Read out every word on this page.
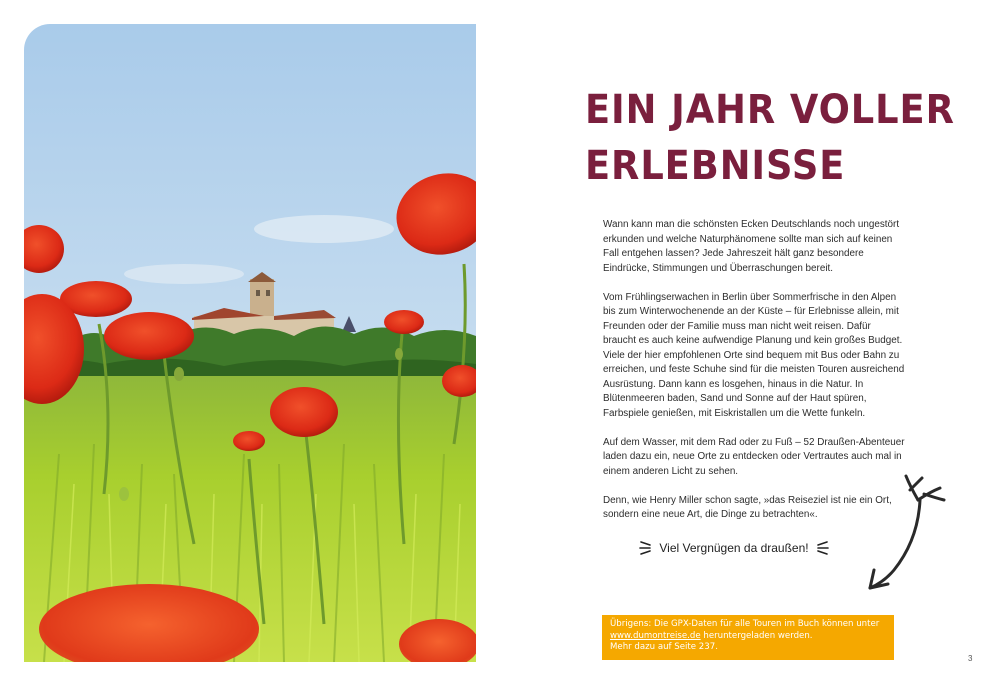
EIN JAHR VOLLER
ERLEBNISSE

Wann kann man die schönsten Ecken Deutschlands noch ungestört erkunden und welche Naturphänomene sollte man sich auf keinen Fall entgehen lassen? Jede Jahreszeit hält ganz besondere Eindrücke, Stimmungen und Überraschungen bereit.

Vom Frühlingserwachen in Berlin über Sommerfrische in den Alpen bis zum Winterwochenende an der Küste – für Erlebnisse allein, mit Freunden oder der Familie muss man nicht weit reisen. Dafür braucht es auch keine aufwendige Planung und kein großes Budget. Viele der hier empfohlenen Orte sind bequem mit Bus oder Bahn zu erreichen, und feste Schuhe sind für die meisten Touren ausreichend Ausrüstung. Dann kann es losgehen, hinaus in die Natur. In Blütenmeeren baden, Sand und Sonne auf der Haut spüren, Farbspiele genießen, mit Eiskristallen um die Wette funkeln.

Auf dem Wasser, mit dem Rad oder zu Fuß – 52 Draußen-Abenteuer laden dazu ein, neue Orte zu entdecken oder Vertrautes auch mal in einem anderen Licht zu sehen.

Denn, wie Henry Miller schon sagte, »das Reiseziel ist nie ein Ort, sondern eine neue Art, die Dinge zu betrachten«.

Viel Vergnügen da draußen!
Übrigens: Die GPX-Daten für alle Touren im Buch können unter www.dumontreise.de heruntergeladen werden.
Mehr dazu auf Seite 237.
3
